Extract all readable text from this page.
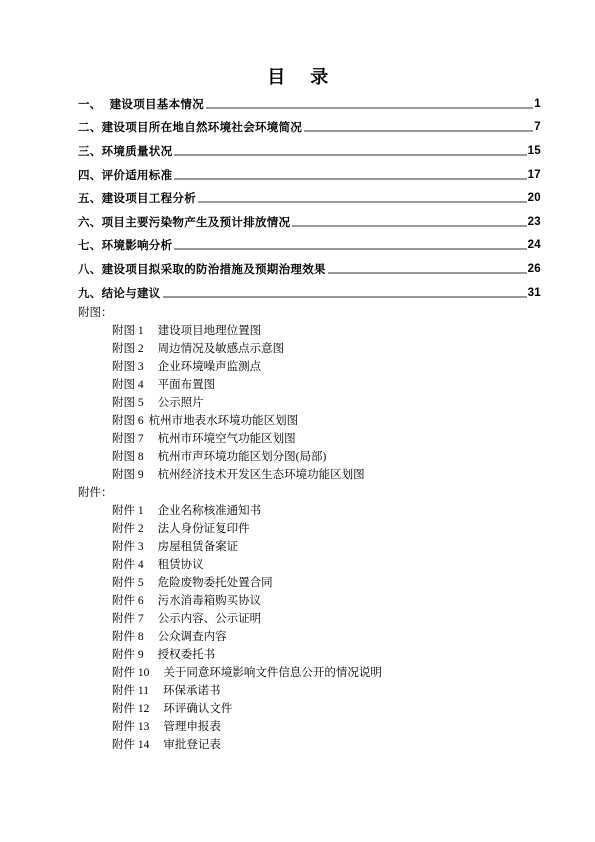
目　录
一、 建设项目基本情况	1
二、 建设项目所在地自然环境社会环境简况	7
三、 环境质量状况	15
四、 评价适用标准	17
五、 建设项目工程分析	20
六、 项目主要污染物产生及预计排放情况	23
七、 环境影响分析	24
八、 建设项目拟采取的防治措施及预期治理效果	26
九、 结论与建议	31
附图：
附图 1 建设项目地理位置图
附图 2 周边情况及敏感点示意图
附图 3 企业环境噪声监测点
附图 4 平面布置图
附图 5 公示照片
附图 6 杭州市地表水环境功能区划图
附图 7 杭州市环境空气功能区划图
附图 8 杭州市声环境功能区划分图(局部)
附图 9 杭州经济技术开发区生态环境功能区划图
附件：
附件 1 企业名称核准通知书
附件 2 法人身份证复印件
附件 3 房屋租赁备案证
附件 4 租赁协议
附件 5 危险废物委托处置合同
附件 6 污水消毒箱购买协议
附件 7 公示内容、公示证明
附件 8 公众调查内容
附件 9 授权委托书
附件 10 关于同意环境影响文件信息公开的情况说明
附件 11 环保承诺书
附件 12 环评确认文件
附件 13 管理申报表
附件 14 审批登记表
